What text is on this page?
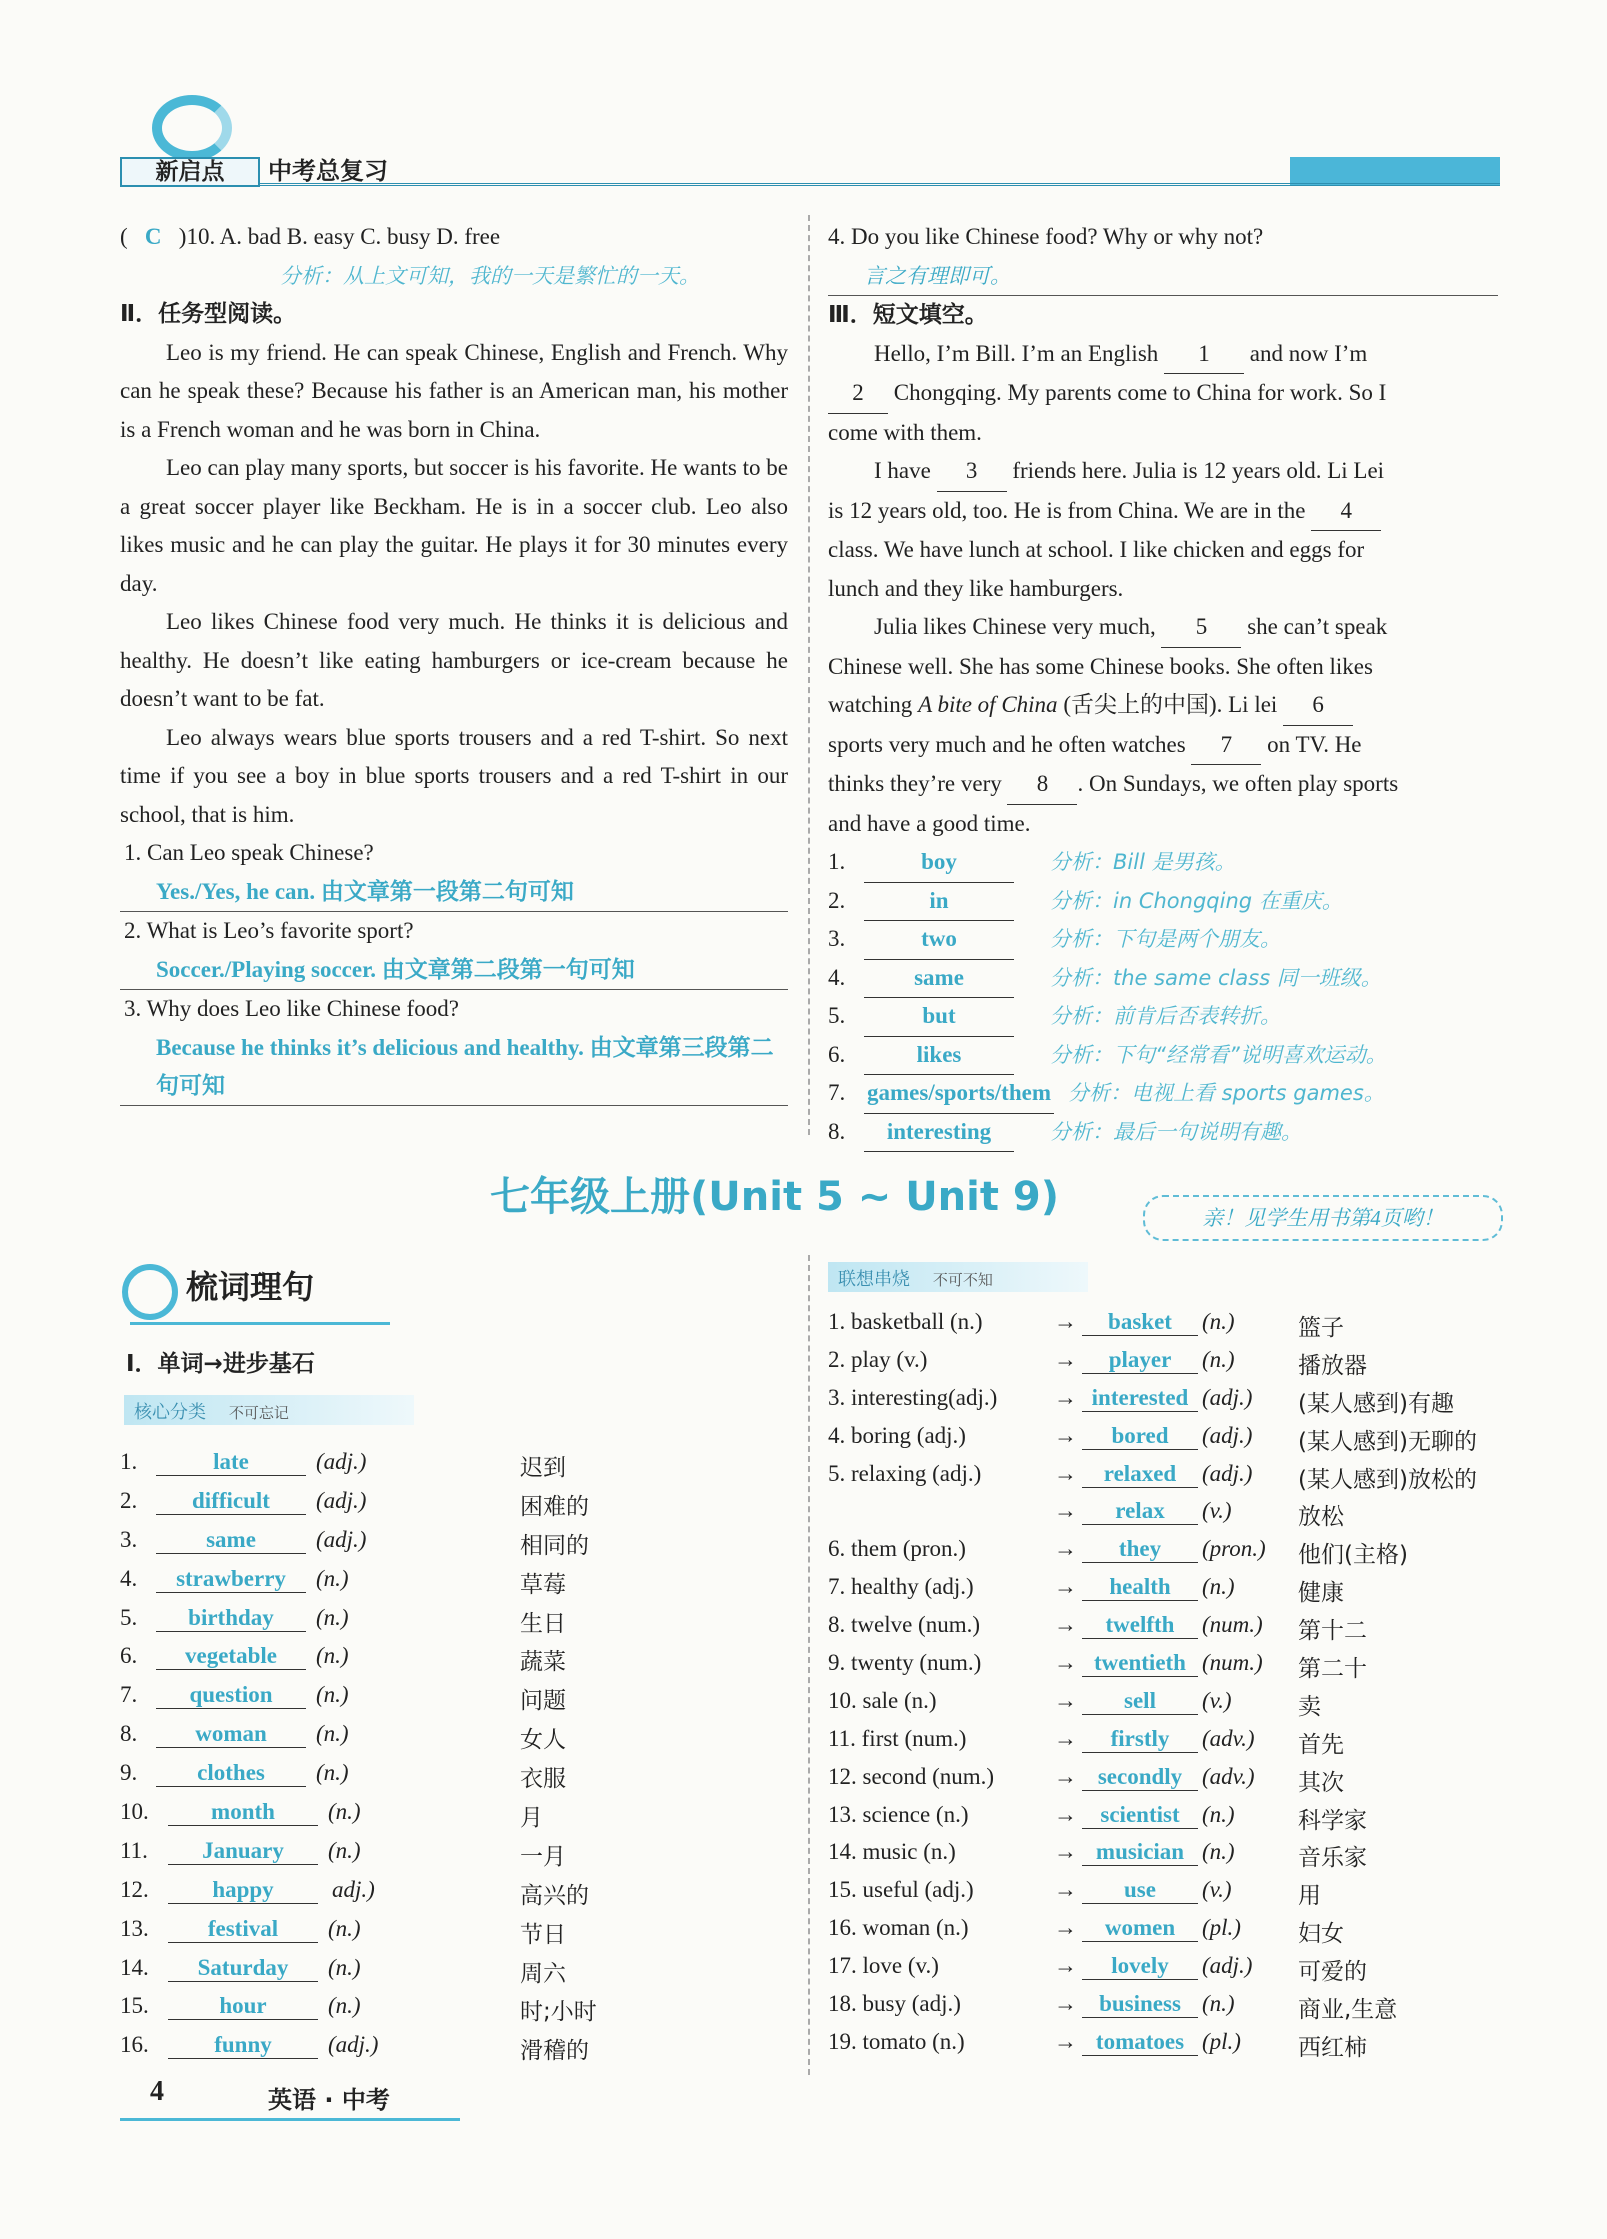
新启点	中考总复习
( C )10. A. bad B. easy C. busy D. free
分析：从上文可知，我的一天是繁忙的一天。
Ⅱ．任务型阅读。
Leo is my friend. He can speak Chinese, English and French. Why can he speak these? Because his father is an American man, his mother is a French woman and he was born in China.
Leo can play many sports, but soccer is his favorite. He wants to be a great soccer player like Beckham. He is in a soccer club. Leo also likes music and he can play the guitar. He plays it for 30 minutes every day.
Leo likes Chinese food very much. He thinks it is delicious and healthy. He doesn’t like eating hamburgers or ice-cream because he doesn’t want to be fat.
Leo always wears blue sports trousers and a red T-shirt. So next time if you see a boy in blue sports trousers and a red T-shirt in our school, that is him.
1. Can Leo speak Chinese?
Yes./Yes, he can. 由文章第一段第二句可知
2. What is Leo’s favorite sport?
Soccer./Playing soccer. 由文章第二段第一句可知
3. Why does Leo like Chinese food?
Because he thinks it’s delicious and healthy. 由文章第三段第二句可知
4. Do you like Chinese food? Why or why not?
言之有理即可。
Ⅲ．短文填空。
Hello, I’m Bill. I’m an English 1 and now I’m
2 Chongqing. My parents come to China for work. So I
come with them.
I have 3 friends here. Julia is 12 years old. Li Lei
is 12 years old, too. He is from China. We are in the 4
class. We have lunch at school. I like chicken and eggs for
lunch and they like hamburgers.
Julia likes Chinese very much, 5 she can’t speak
Chinese well. She has some Chinese books. She often likes
watching A bite of China (舌尖上的中国). Li lei 6
sports very much and he often watches 7 on TV. He
thinks they’re very 8 . On Sundays, we often play sports
and have a good time.
1.	boy	分析：Bill 是男孩。
2.	in	分析：in Chongqing 在重庆。
3.	two	分析：下句是两个朋友。
4.	same	分析：the same class 同一班级。
5.	but	分析：前肯后否表转折。
6.	likes	分析：下句“经常看”说明喜欢运动。
7. games/sports/them 分析：电视上看 sports games。
8.	interesting	分析：最后一句说明有趣。
七年级上册(Unit 5 ~ Unit 9)	亲！见学生用书第4页哟！
梳词理句
Ⅰ．单词→进步基石
核心分类 不可忘记
联想串烧 不可不知
1.	late	(adj.)	迟到
2.	difficult	(adj.)	困难的
3.	same	(adj.)	相同的
4.	strawberry	(n.)	草莓
5.	birthday	(n.)	生日
6.	vegetable	(n.)	蔬菜
7.	question	(n.)	问题
8.	woman	(n.)	女人
9.	clothes	(n.)	衣服
10.	month	(n.)	月
11.	January	(n.)	一月
12.	happy	adj.)	高兴的
13.	festival	(n.)	节日
14.	Saturday	(n.)	周六
15.	hour	(n.)	时;小时
16.	funny	(adj.)	滑稽的
1. basketball (n.)	→	basket	(n.)	篮子
2. play (v.)	→	player	(n.)	播放器
3. interesting(adj.) → interested (adj.) (某人感到)有趣
4. boring (adj.)	→	bored	(adj.) (某人感到)无聊的
5. relaxing (adj.)	→	relaxed	(adj.) (某人感到)放松的
→	relax	(v.)	放松
6. them (pron.)	→	they	(pron.) 他们(主格)
7. healthy (adj.)	→	health	(n.)	健康
8. twelve (num.)	→	twelfth	(num.) 第十二
9. twenty (num.)	→ twentieth (num.) 第二十
10. sale (n.)	→	sell	(v.)	卖
11. first (num.)	→	firstly	(adv.) 首先
12. second (num.)	→ secondly (adv.) 其次
13. science (n.)	→	scientist (n.)	科学家
14. music (n.)	→ musician (n.)	音乐家
15. useful (adj.)	→	use	(v.)	用
16. woman (n.)	→	women	(pl.) 妇女
17. love (v.)	→	lovely	(adj.) 可爱的
18. busy (adj.)	→ business (n.)	商业,生意
19. tomato (n.)	→ tomatoes (pl.) 西红柿
4	英语 · 中考
